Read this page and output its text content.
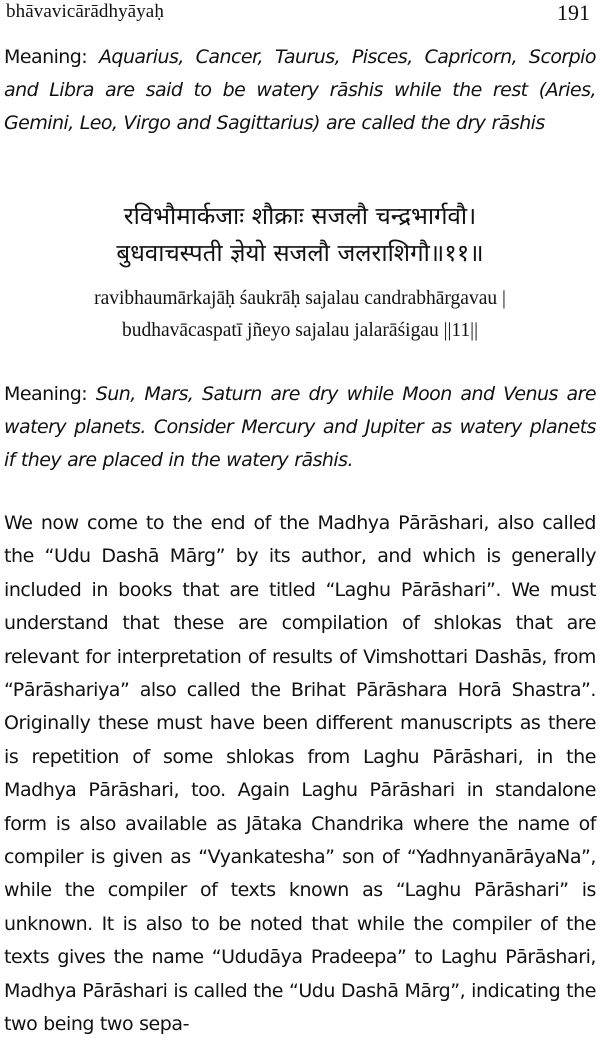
bhāvavicārādhyāyaḥ	191

Meaning: Aquarius, Cancer, Taurus, Pisces, Capricorn, Scorpio and Libra are said to be watery rāshis while the rest (Aries, Gemini, Leo, Virgo and Sagittarius) are called the dry rāshis

रविभौमार्कजाः शौक्राः सजलौ चन्द्रभार्गवौ।
बुधवाचस्पती ज्ञेयो सजलौ जलराशिगौ॥११॥
ravibhaumārkajāḥ śaukrāḥ sajalau candrabhārgavau |
budhavācaspatī jñeyo sajalau jalarāśigau ||11||

Meaning: Sun, Mars, Saturn are dry while Moon and Venus are watery planets. Consider Mercury and Jupiter as watery planets if they are placed in the watery rāshis.

We now come to the end of the Madhya Pārāshari, also called the “Udu Dashā Mārg” by its author, and which is generally included in books that are titled “Laghu Pārāshari”. We must understand that these are compilation of shlokas that are relevant for interpretation of results of Vimshottari Dashās, from “Pārāshariya” also called the Brihat Pārāshara Horā Shastra”. Originally these must have been different manuscripts as there is repetition of some shlokas from Laghu Pārāshari, in the Madhya Pārāshari, too. Again Laghu Pārāshari in standalone form is also available as Jātaka Chandrika where the name of compiler is given as “Vyankatesha” son of “YadhnyanārāyaNa”, while the compiler of texts known as “Laghu Pārāshari” is unknown. It is also to be noted that while the compiler of the texts gives the name “Ududāya Pradeepa” to Laghu Pārāshari, Madhya Pārāshari is called the “Udu Dashā Mārg”, indicating the two being two sepa-
